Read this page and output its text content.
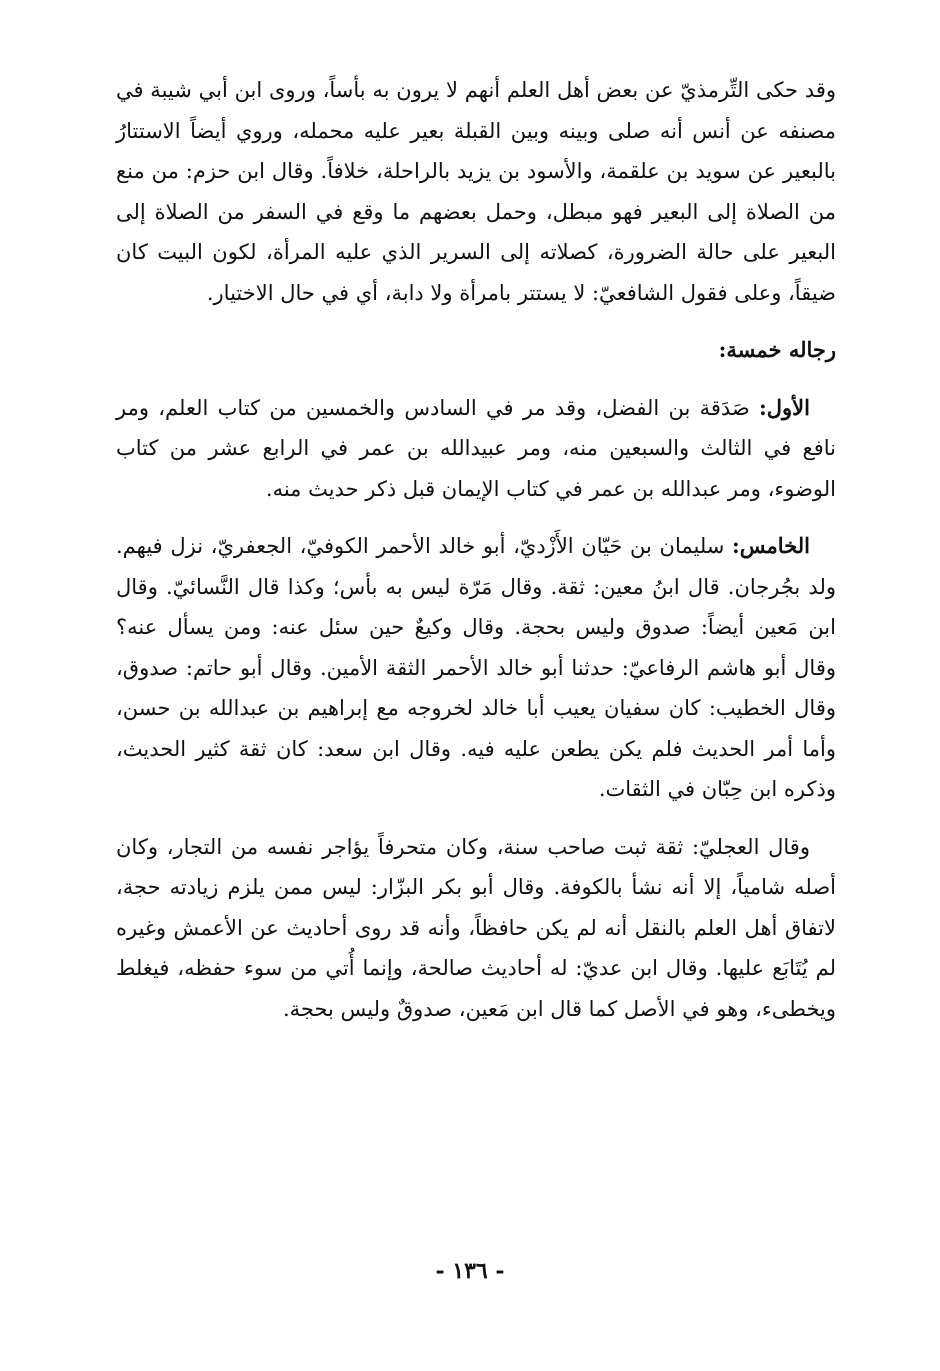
وقد حكى التِّرمذيّ عن بعض أهل العلم أنهم لا يرون به بأساً، وروى ابن أبي شيبة في مصنفه عن أنس أنه صلى وبينه وبين القبلة بعير عليه محمله، وروي أيضاً الاستتارُ بالبعير عن سويد بن علقمة، والأسود بن يزيد بالراحلة، خلافاً. وقال ابن حزم: من منع من الصلاة إلى البعير فهو مبطل، وحمل بعضهم ما وقع في السفر من الصلاة إلى البعير على حالة الضرورة، كصلاته إلى السرير الذي عليه المرأة، لكون البيت كان ضيقاً، وعلى فقول الشافعيّ: لا يستتر بامرأة ولا دابة، أي في حال الاختيار.

رجاله خمسة:

الأول: صَدَقة بن الفضل، وقد مر في السادس والخمسين من كتاب العلم، ومر نافع في الثالث والسبعين منه، ومر عبيدالله بن عمر في الرابع عشر من كتاب الوضوء، ومر عبدالله بن عمر في كتاب الإيمان قبل ذكر حديث منه.

الخامس: سليمان بن حَيّان الأَزْديّ، أبو خالد الأحمر الكوفيّ، الجعفريّ، نزل فيهم. ولد بجُرجان. قال ابنُ معين: ثقة. وقال مَرّة ليس به بأس؛ وكذا قال النَّسائيّ. وقال ابن مَعين أيضاً: صدوق وليس بحجة. وقال وكيعٌ حين سئل عنه: ومن يسأل عنه؟ وقال أبو هاشم الرفاعيّ: حدثنا أبو خالد الأحمر الثقة الأمين. وقال أبو حاتم: صدوق، وقال الخطيب: كان سفيان يعيب أبا خالد لخروجه مع إبراهيم بن عبدالله بن حسن، وأما أمر الحديث فلم يكن يطعن عليه فيه. وقال ابن سعد: كان ثقة كثير الحديث، وذكره ابن حِبّان في الثقات.

وقال العجليّ: ثقة ثبت صاحب سنة، وكان متحرفاً يؤاجر نفسه من التجار، وكان أصله شامياً، إلا أنه نشأ بالكوفة. وقال أبو بكر البزّار: ليس ممن يلزم زيادته حجة، لاتفاق أهل العلم بالنقل أنه لم يكن حافظاً، وأنه قد روى أحاديث عن الأعمش وغيره لم يُتَابَع عليها. وقال ابن عديّ: له أحاديث صالحة، وإنما أُتي من سوء حفظه، فيغلط ويخطىء، وهو في الأصل كما قال ابن مَعين، صدوقٌ وليس بحجة.

- ١٣٦ -
